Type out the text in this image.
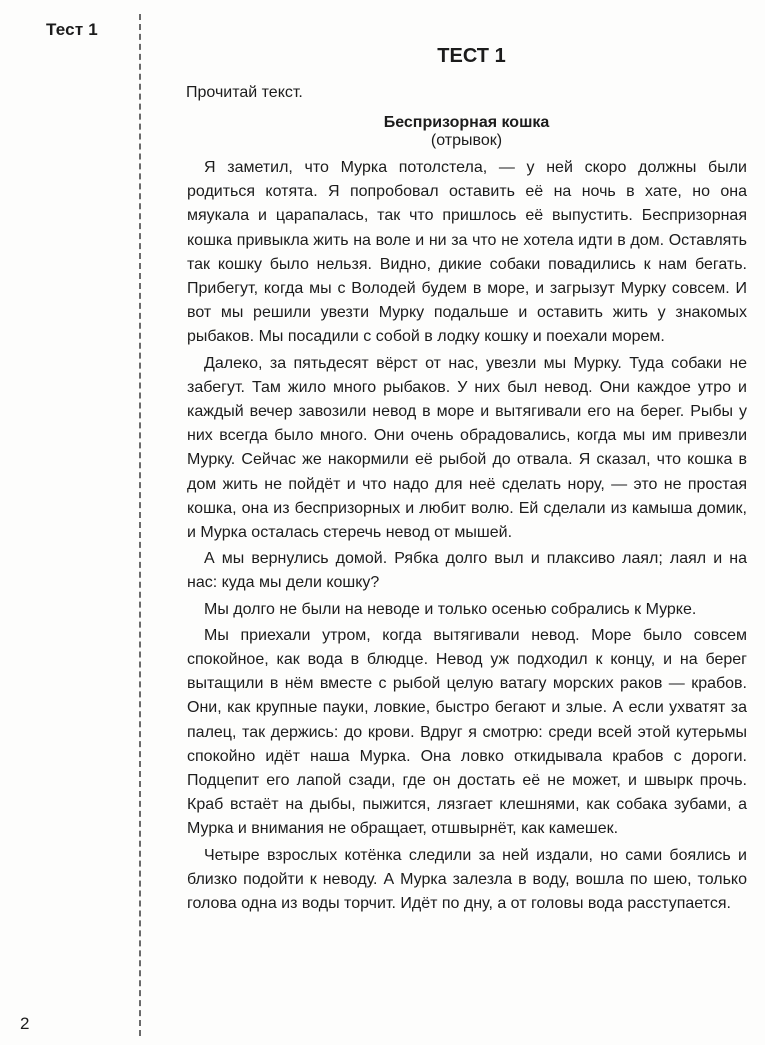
Тест 1
ТЕСТ 1
Прочитай текст.
Беспризорная кошка
(отрывок)

Я заметил, что Мурка потолстела, — у ней скоро должны были родиться котята. Я попробовал оставить её на ночь в хате, но она мяукала и царапалась, так что пришлось её выпустить. Беспризорная кошка привыкла жить на воле и ни за что не хотела идти в дом. Оставлять так кошку было нельзя. Видно, дикие собаки повадились к нам бегать. Прибегут, когда мы с Володей будем в море, и загрызут Мурку совсем. И вот мы решили увезти Мурку подальше и оставить жить у знакомых рыбаков. Мы посадили с собой в лодку кошку и поехали морем.

Далеко, за пятьдесят вёрст от нас, увезли мы Мурку. Туда собаки не забегут. Там жило много рыбаков. У них был невод. Они каждое утро и каждый вечер завозили невод в море и вытягивали его на берег. Рыбы у них всегда было много. Они очень обрадовались, когда мы им привезли Мурку. Сейчас же накормили её рыбой до отвала. Я сказал, что кошка в дом жить не пойдёт и что надо для неё сделать нору, — это не простая кошка, она из беспризорных и любит волю. Ей сделали из камыша домик, и Мурка осталась стеречь невод от мышей.

А мы вернулись домой. Рябка долго выл и плаксиво лаял; лаял и на нас: куда мы дели кошку?

Мы долго не были на неводе и только осенью собрались к Мурке.

Мы приехали утром, когда вытягивали невод. Море было совсем спокойное, как вода в блюдце. Невод уж подходил к концу, и на берег вытащили в нём вместе с рыбой целую ватагу морских раков — крабов. Они, как крупные пауки, ловкие, быстро бегают и злые. А если ухватят за палец, так держись: до крови. Вдруг я смотрю: среди всей этой кутерьмы спокойно идёт наша Мурка. Она ловко откидывала крабов с дороги. Подцепит его лапой сзади, где он достать её не может, и швырк прочь. Краб встаёт на дыбы, пыжится, лязгает клешнями, как собака зубами, а Мурка и внимания не обращает, отшвырнёт, как камешек.

Четыре взрослых котёнка следили за ней издали, но сами боялись и близко подойти к неводу. А Мурка залезла в воду, вошла по шею, только голова одна из воды торчит. Идёт по дну, а от головы вода расступается.

2
